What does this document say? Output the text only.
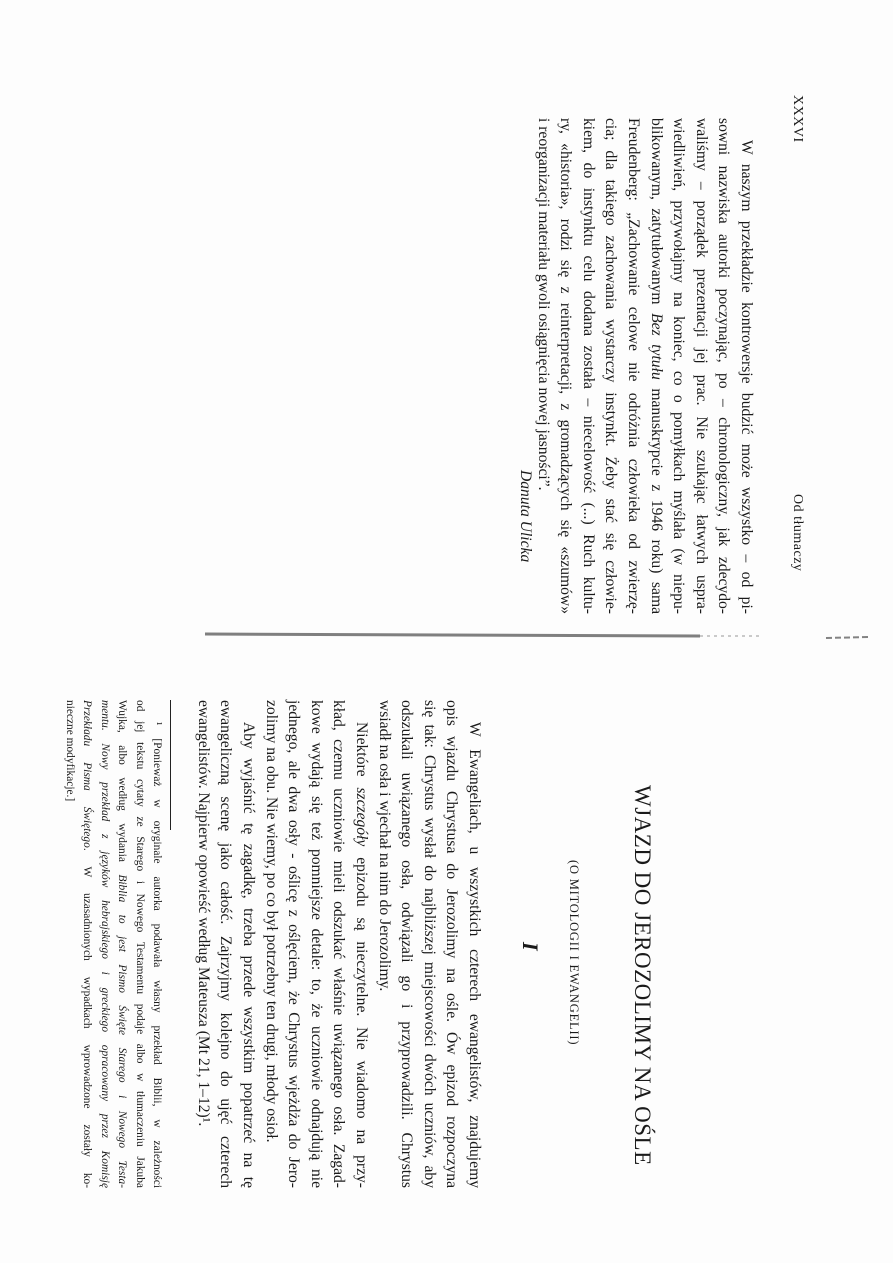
XXXVI
Od tłumaczy
W naszym przekładzie kontrowersje budzić może wszystko – od pi-
sowni nazwiska autorki poczynając, po – chronologiczny, jak zdecydo-
waliśmy – porządek prezentacji jej prac. Nie szukając łatwych uspra-
wiedliwień, przywołajmy na koniec, co o pomyłkach myślała (w niepu-
blikowanym, zatytułowanym Bez tytułu manuskrypcie z 1946 roku) sama
Freudenberg: „Zachowanie celowe nie odróżnia człowieka od zwierzę-
cia; dla takiego zachowania wystarczy instynkt. Żeby stać się człowie-
kiem, do instynktu celu dodana została – niecelowość (...) Ruch kultu-
ry, «historia», rodzi się z reinterpretacji, z gromadzących się «szumów»
i reorganizacji materiału gwoli osiągnięcia nowej jasności”.
Danuta Ulicka
WJAZD DO JEROZOLIMY NA OŚLE
(O MITOLOGII I EWANGELII)
I
W Ewangeliach, u wszystkich czterech ewangelistów, znajdujemy
opis wjazdu Chrystusa do Jerozolimy na ośle. Ów epizod rozpoczyna
się tak: Chrystus wysłał do najbliższej miejscowości dwóch uczniów, aby
odszukali uwiązanego osła, odwiązali go i przyprowadzili. Chrystus
wsiadł na osła i wjechał na nim do Jerozolimy.
Niektóre szczegóły epizodu są nieczytelne. Nie wiadomo na przy-
kład, czemu uczniowie mieli odszukać właśnie uwiązanego osła. Zagad-
kowe wydają się też pomniejsze detale: to, że uczniowie odnajdują nie
jednego, ale dwa osły - oślicę z oślęciem, że Chrystus wjeżdża do Jero-
zolimy na obu. Nie wiemy, po co był potrzebny ten drugi, młody osioł.
Aby wyjaśnić tę zagadkę, trzeba przede wszystkim popatrzeć na tę
ewangeliczną scenę jako całość. Zajrzyjmy kolejno do ujęć czterech
ewangelistów. Najpierw opowieść według Mateusza (Mt 21, 1–12)¹.
¹ [Ponieważ w oryginale autorka podawała własny przekład Biblii, w zależności
od jej tekstu cytaty ze Starego i Nowego Testamentu podaje albo w tłumaczeniu Jakuba
Wujka, albo według wydania Biblia to jest Pismo Święte Starego i Nowego Testa-
mentu. Nowy przekład z języków hebrajskiego i greckiego opracowany przez Komisję
Przekładu Pisma Świętego. W uzasadnionych wypadkach wprowadzone zostały ko-
nieczne modyfikacje.]
